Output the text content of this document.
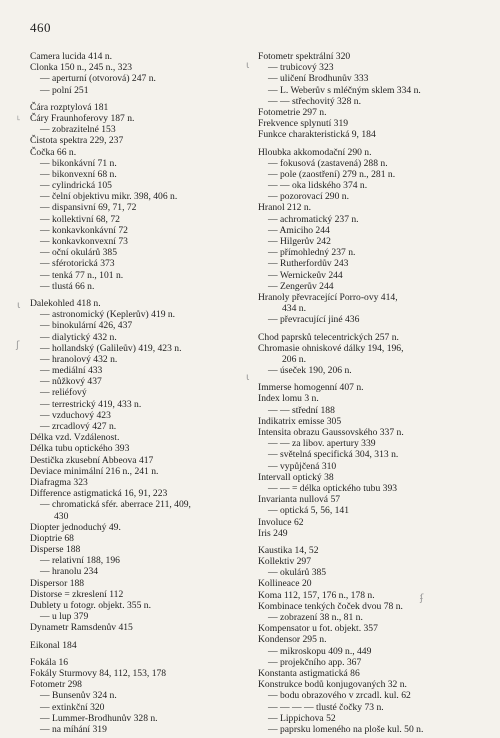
460
Camera lucida 414 n.
Clonka 150 n., 245 n., 323
— aperturní (otvorová) 247 n.
— polní 251
Čára rozptylová 181
Čáry Fraunhoferovy 187 n.
— zobrazitelné 153
Čistota spektra 229, 237
Čočka 66 n.
— bikonkávní 71 n.
— bikonvexní 68 n.
— cylindrická 105
— čelní objektivu mikr. 398, 406 n.
— dispansivní 69, 71, 72
— kollektivní 68, 72
— konkavkonkávní 72
— konkavkonvexní 73
— oční okulárů 385
— sférotorická 373
— tenká 77 n., 101 n.
— tlustá 66 n.
Dalekohled 418 n.
— astronomický (Keplerův) 419 n.
— binokulární 426, 437
— dialytický 432 n.
— hollandský (Galileův) 419, 423 n.
— hranolový 432 n.
— mediální 433
— nůžkový 437
— reliéfový
— terrestrický 419, 433 n.
— vzduchový 423
— zrcadlový 427 n.
Délka vzd. Vzdálenost.
Délka tubu optického 393
Destička zkusební Abbeova 417
Deviace minimální 216 n., 241 n.
Diafragma 323
Difference astigmatická 16, 91, 223
— chromatická sfér. aberrace 211, 409,
430
Diopter jednoduchý 49.
Dioptrie 68
Disperse 188
— relativní 188, 196
— hranolu 234
Dispersor 188
Distorse = zkreslení 112
Dublety u fotogr. objekt. 355 n.
— u lup 379
Dynametr Ramsdenův 415
Eikonal 184
Fokála 16
Fokály Sturmovy 84, 112, 153, 178
Fotometr 298
— Bunsenův 324 n.
— extinkční 320
— Lummer-Brodhunův 328 n.
— na míhání 319
Fotometr spektrální 320
— trubicový 323
— uličení Brodhunův 333
— L. Weberův s mléčným sklem 334 n.
— — střechovitý 328 n.
Fotometrie 297 n.
Frekvence splynutí 319
Funkce charakteristická 9, 184
Hloubka akkomodační 290 n.
— fokusová (zastavená) 288 n.
— pole (zaostření) 279 n., 281 n.
— — oka lidského 374 n.
— pozorovací 290 n.
Hranol 212 n.
— achromatický 237 n.
— Amiciho 244
— Hilgerův 242
— přímohledný 237 n.
— Rutherfordův 243
— Wernickeův 244
— Zengerův 244
Hranoly převracející Porro-ovy 414,
434 n.
— převracující jiné 436
Chod paprsků telecentrických 257 n.
Chromasie ohniskové dálky 194, 196,
206 n.
— úseček 190, 206 n.
Immerse homogenní 407 n.
Index lomu 3 n.
— — střední 188
Indikatrix emisse 305
Intensita obrazu Gaussovského 337 n.
— — za libov. apertury 339
— světelná specifická 304, 313 n.
— vypůjčená 310
Intervall optický 38
— — = délka optického tubu 393
Invarianta nullová 57
— optická 5, 56, 141
Involuce 62
Iris 249
Kaustika 14, 52
Kollektiv 297
— okulárů 385
Kollineace 20
Koma 112, 157, 176 n., 178 n.
Kombinace tenkých čoček dvou 78 n.
— zobrazení 38 n., 81 n.
Kompensator u fot. objekt. 357
Kondensor 295 n.
— mikroskopu 409 n., 449
— projekčního app. 367
Konstanta astigmatická 86
Konstrukce bodů konjugovaných 32 n.
— bodu obrazového v zrcadl. kul. 62
— — — — tlusté čočky 73 n.
— Lippichova 52
— paprsku lomeného na ploše kul. 50 n.
˪
ι
ʃ
ι
ι
ʄ
